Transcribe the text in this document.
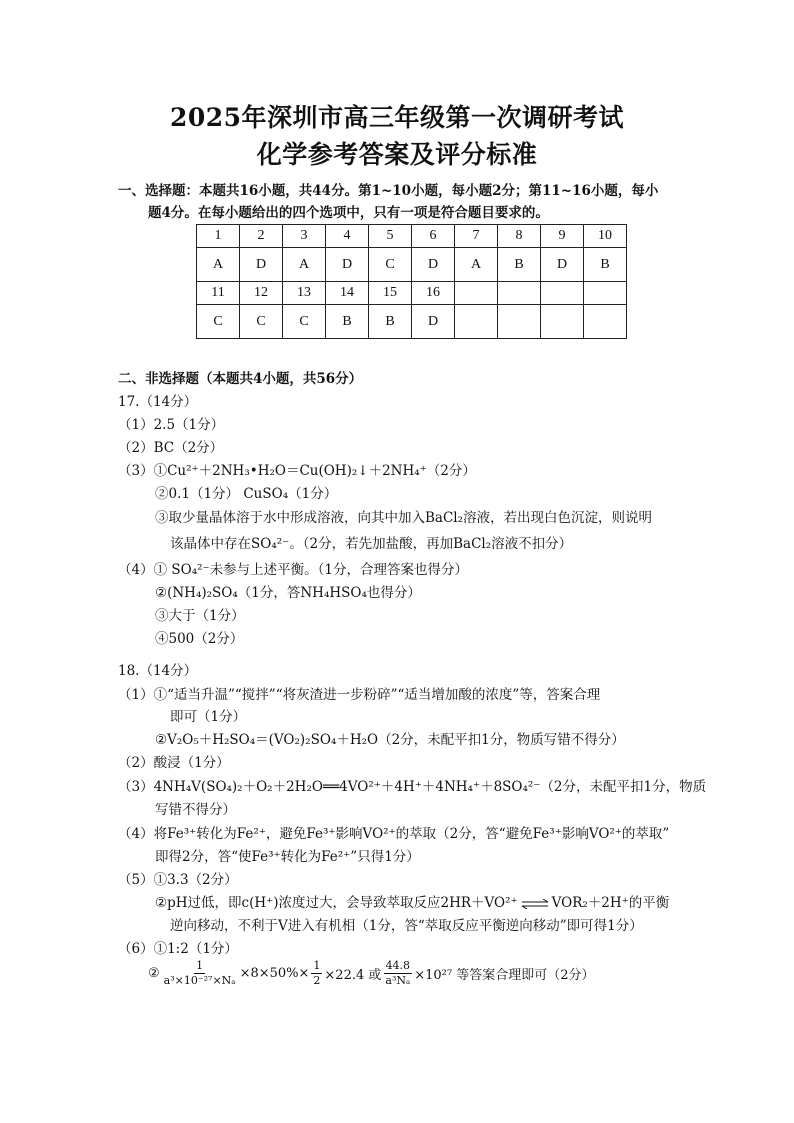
2025年深圳市高三年级第一次调研考试
化学参考答案及评分标准
一、选择题：本题共16小题，共44分。第1~10小题，每小题2分；第11~16小题，每小
题4分。在每小题给出的四个选项中，只有一项是符合题目要求的。
1	2	3	4	5	6	7	8	9	10
A	D	A	D	C	D	A	B	D	B
11	12	13	14	15	16				
C	C	C	B	B	D				
二、非选择题（本题共4小题，共56分）
17.（14分）
（1）2.5（1分）
（2）BC（2分）
（3）①Cu²⁺＋2NH₃•H₂O＝Cu(OH)₂↓＋2NH₄⁺（2分）
②0.1（1分） CuSO₄（1分）
③取少量晶体溶于水中形成溶液，向其中加入BaCl₂溶液，若出现白色沉淀，则说明
该晶体中存在SO₄²⁻。（2分，若先加盐酸，再加BaCl₂溶液不扣分）
（4）① SO₄²⁻未参与上述平衡。（1分，合理答案也得分）
②(NH₄)₂SO₄（1分，答NH₄HSO₄也得分）
③大于（1分）
④500（2分）
18.（14分）
（1）①“适当升温”“搅拌”“将灰渣进一步粉碎”“适当增加酸的浓度”等，答案合理
即可（1分）
②V₂O₅＋H₂SO₄＝(VO₂)₂SO₄＋H₂O（2分，未配平扣1分，物质写错不得分）
（2）酸浸（1分）
（3）4NH₄V(SO₄)₂＋O₂＋2H₂O══4VO²⁺＋4H⁺＋4NH₄⁺＋8SO₄²⁻（2分，未配平扣1分，物质
写错不得分）
（4）将Fe³⁺转化为Fe²⁺，避免Fe³⁺影响VO²⁺的萃取（2分，答“避免Fe³⁺影响VO²⁺的萃取”
即得2分，答“使Fe³⁺转化为Fe²⁺”只得1分）
（5）①3.3（2分）
②pH过低，即c(H⁺)浓度过大，会导致萃取反应2HR＋VO²⁺ ⇌ VOR₂＋2H⁺的平衡
逆向移动，不利于V进入有机相（1分，答“萃取反应平衡逆向移动”即可得1分）
（6）①1:2（1分）
② $\frac{1}{\text{a³×10⁻²⁷×Nₐ}} \times 8\times 50\%\times \frac{1}{2} \times 22.4$ 或 $\frac{44.8}{\text{a³Nₐ}} \times 10^{27}$ 等答案合理即可（2分）
